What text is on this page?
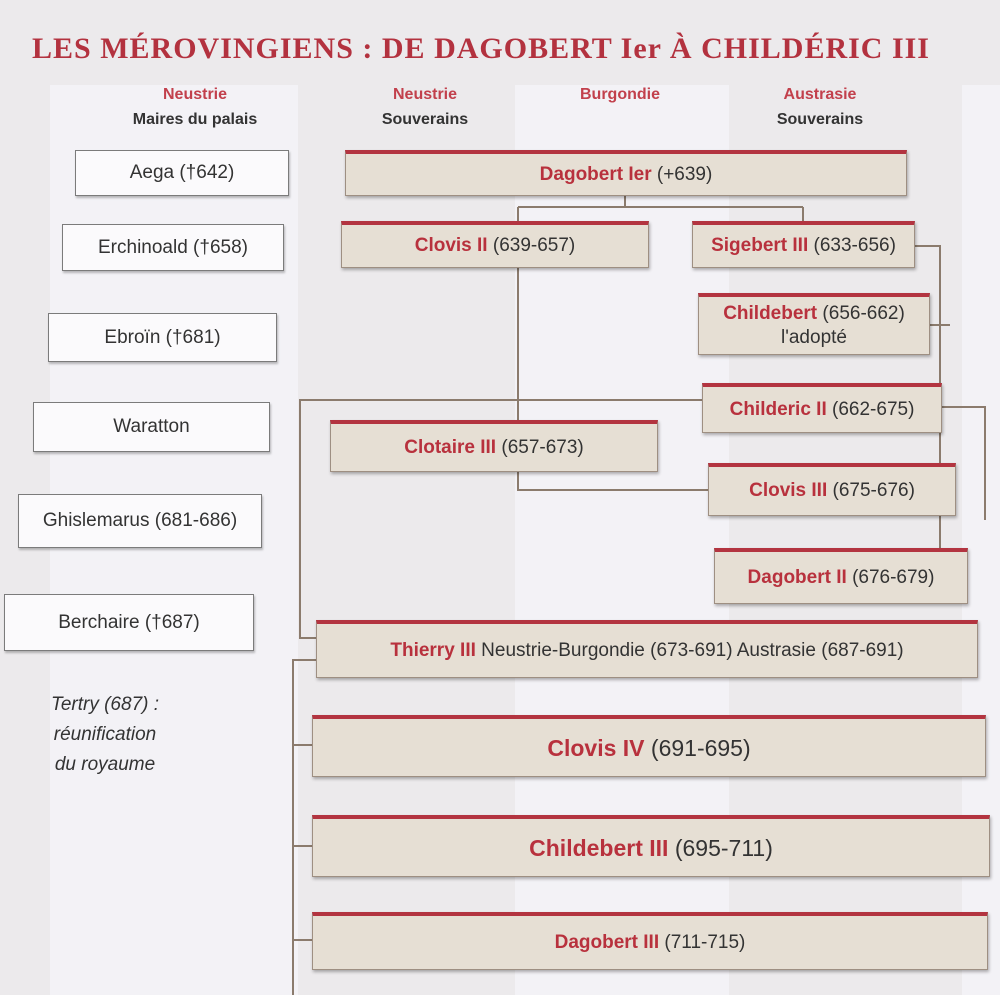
LES MÉROVINGIENS : DE DAGOBERT Ier À CHILDÉRIC III
Neustrie
Maires du palais
Neustrie
Souverains
Burgondie	Austrasie
Souverains
Aega (†642)
Erchinoald (†658)
Ebroïn (†681)
Waratton
Ghislemarus (681-686)
Berchaire (†687)
Tertry (687) :
réunification
du royaume
Dagobert Ier (+639)
Clovis II (639-657)	Sigebert III (633-656)
Childebert (656-662)
l'adopté
Childeric II (662-675)
Clotaire III (657-673)
Clovis III (675-676)
Dagobert II (676-679)
Thierry III Neustrie-Burgondie (673-691) Austrasie (687-691)
Clovis IV (691-695)
Childebert III (695-711)
Dagobert III (711-715)
